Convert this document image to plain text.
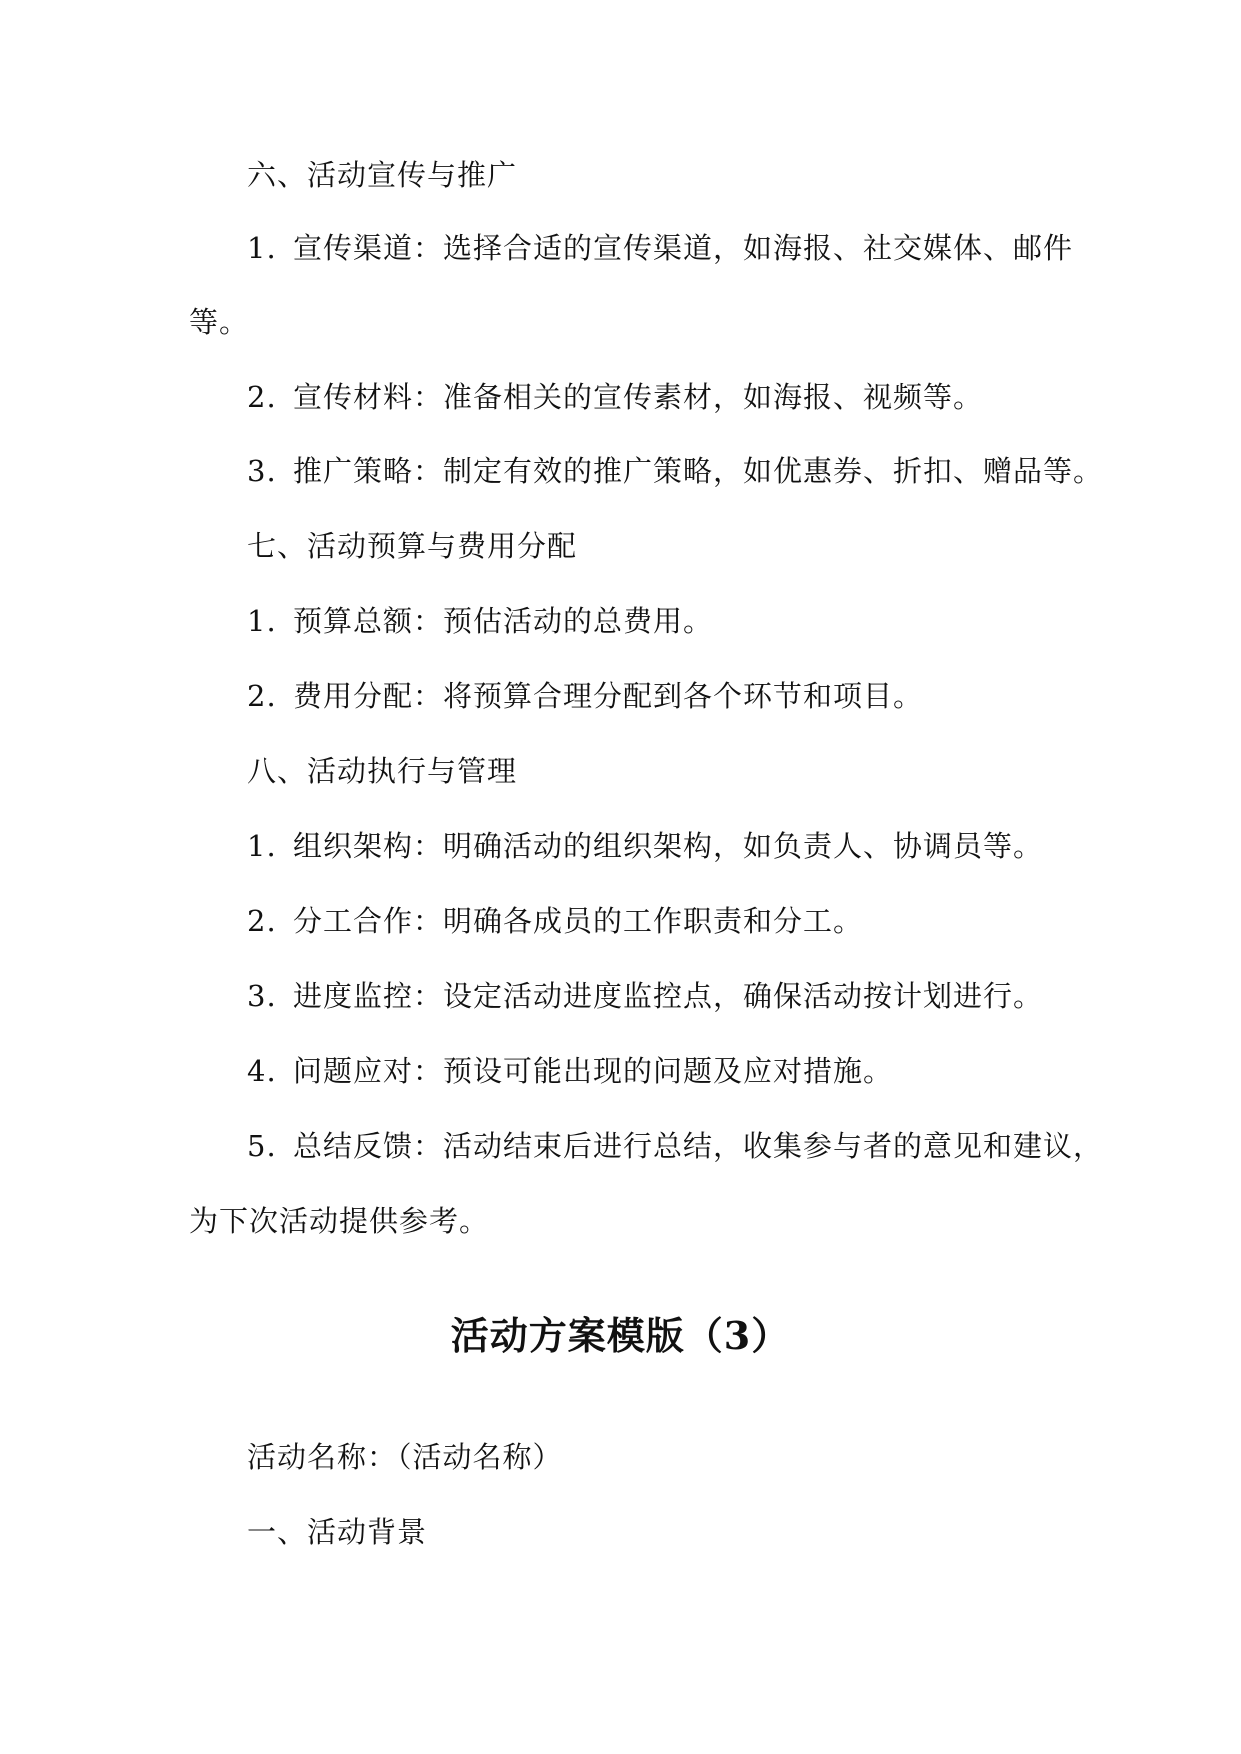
六、活动宣传与推广
1. 宣传渠道：选择合适的宣传渠道，如海报、社交媒体、邮件
等。
2. 宣传材料：准备相关的宣传素材，如海报、视频等。
3. 推广策略：制定有效的推广策略，如优惠券、折扣、赠品等。
七、活动预算与费用分配
1. 预算总额：预估活动的总费用。
2. 费用分配：将预算合理分配到各个环节和项目。
八、活动执行与管理
1. 组织架构：明确活动的组织架构，如负责人、协调员等。
2. 分工合作：明确各成员的工作职责和分工。
3. 进度监控：设定活动进度监控点，确保活动按计划进行。
4. 问题应对：预设可能出现的问题及应对措施。
5. 总结反馈：活动结束后进行总结，收集参与者的意见和建议，
为下次活动提供参考。
活动方案模版（3）
活动名称：（活动名称）
一、活动背景
